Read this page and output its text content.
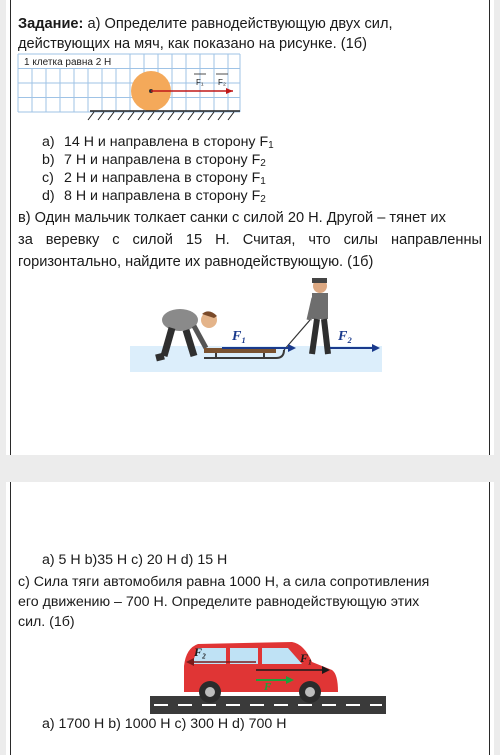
Задание: а) Определите равнодействующую двух сил,
действующих на мяч, как показано на рисунке. (1б)
1 клетка равна 2 Н
F₁ F₂
a) 14 Н и направлена в сторону $F_1$
b) 7 Н и направлена в сторону $F_2$
c) 2 Н и направлена в сторону $F_1$
d) 8 Н и направлена в сторону $F_2$
в) Один мальчик толкает санки с силой 20 Н. Другой – тянет их
за веревку с силой 15 Н. Считая, что силы направленны
горизонтально, найдите их равнодействующую. (1б)
F₁	F₂
a) 5 Н b)35 Н c) 20 Н d) 15 Н
с) Сила тяги автомобиля равна 1000 Н, а сила сопротивления
его движению – 700 Н. Определите равнодействующую этих
сил. (1б)
F₁
F₂
F
a) 1700 Н b) 1000 Н c) 300 Н d) 700 Н
